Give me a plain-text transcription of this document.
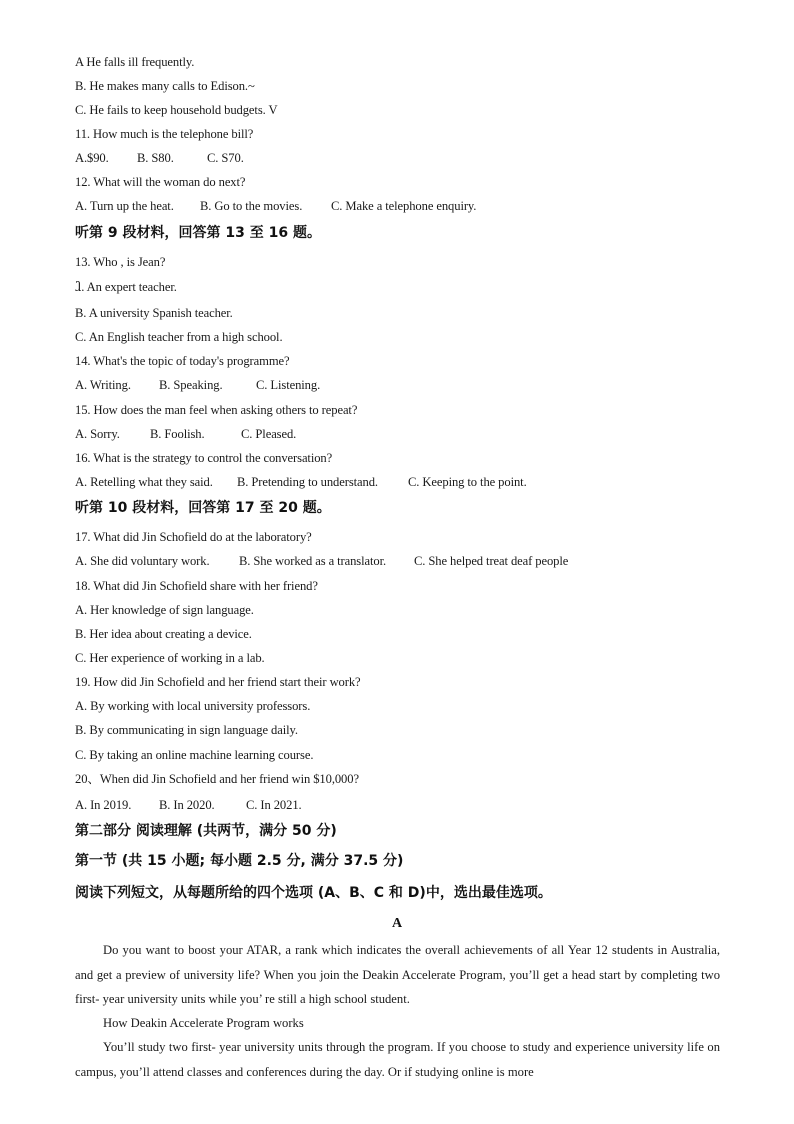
A He falls ill frequently.
B. He makes many calls to Edison.~
C. He fails to keep household budgets. V
11. How much is the telephone bill?
A.$90. B. S80.	C. S70.
12. What will the woman do next?
A. Turn up the heat. B. Go to the movies. C. Make a telephone enquiry.
听第 9 段材料，回答第 13 至 16 题。
13. Who , is Jean?
ⱹ. An expert teacher.
B. A university Spanish teacher.
C. An English teacher from a high school.
14. What's the topic of today's programme?
A. Writing. B. Speaking.	C. Listening.
15. How does the man feel when asking others to repeat?
A. Sorry. B. Foolish.	C. Pleased.
16. What is the strategy to control the conversation?
A. Retelling what they said. B. Pretending to understand. C. Keeping to the point.
听第 10 段材料，回答第 17 至 20 题。
17. What did Jin Schofield do at the laboratory?
A. She did voluntary work. B. She worked as a translator. C. She helped treat deaf people
18. What did Jin Schofield share with her friend?
A. Her knowledge of sign language.
B. Her idea about creating a device.
C. Her experience of working in a lab.
19. How did Jin Schofield and her friend start their work?
A. By working with local university professors.
B. By communicating in sign language daily.
C. By taking an online machine learning course.
20、When did Jin Schofield and her friend win $10,000?
A. In 2019. B. In 2020. C. In 2021.
第二部分 阅读理解 (共两节，满分 50 分)
第一节 (共 15 小题; 每小题 2.5 分, 满分 37.5 分)
阅读下列短文，从每题所给的四个选项 (A、B、C 和 D)中，选出最佳选项。
A
Do you want to boost your ATAR, a rank which indicates the overall achievements of all Year 12 students in Australia, and get a preview of university life? When you join the Deakin Accelerate Program, you’ll get a head start by completing two first- year university units while you’ re still a high school student.
How Deakin Accelerate Program works
You’ll study two first- year university units through the program. If you choose to study and experience university life on campus, you’ll attend classes and conferences during the day. Or if studying online is more
